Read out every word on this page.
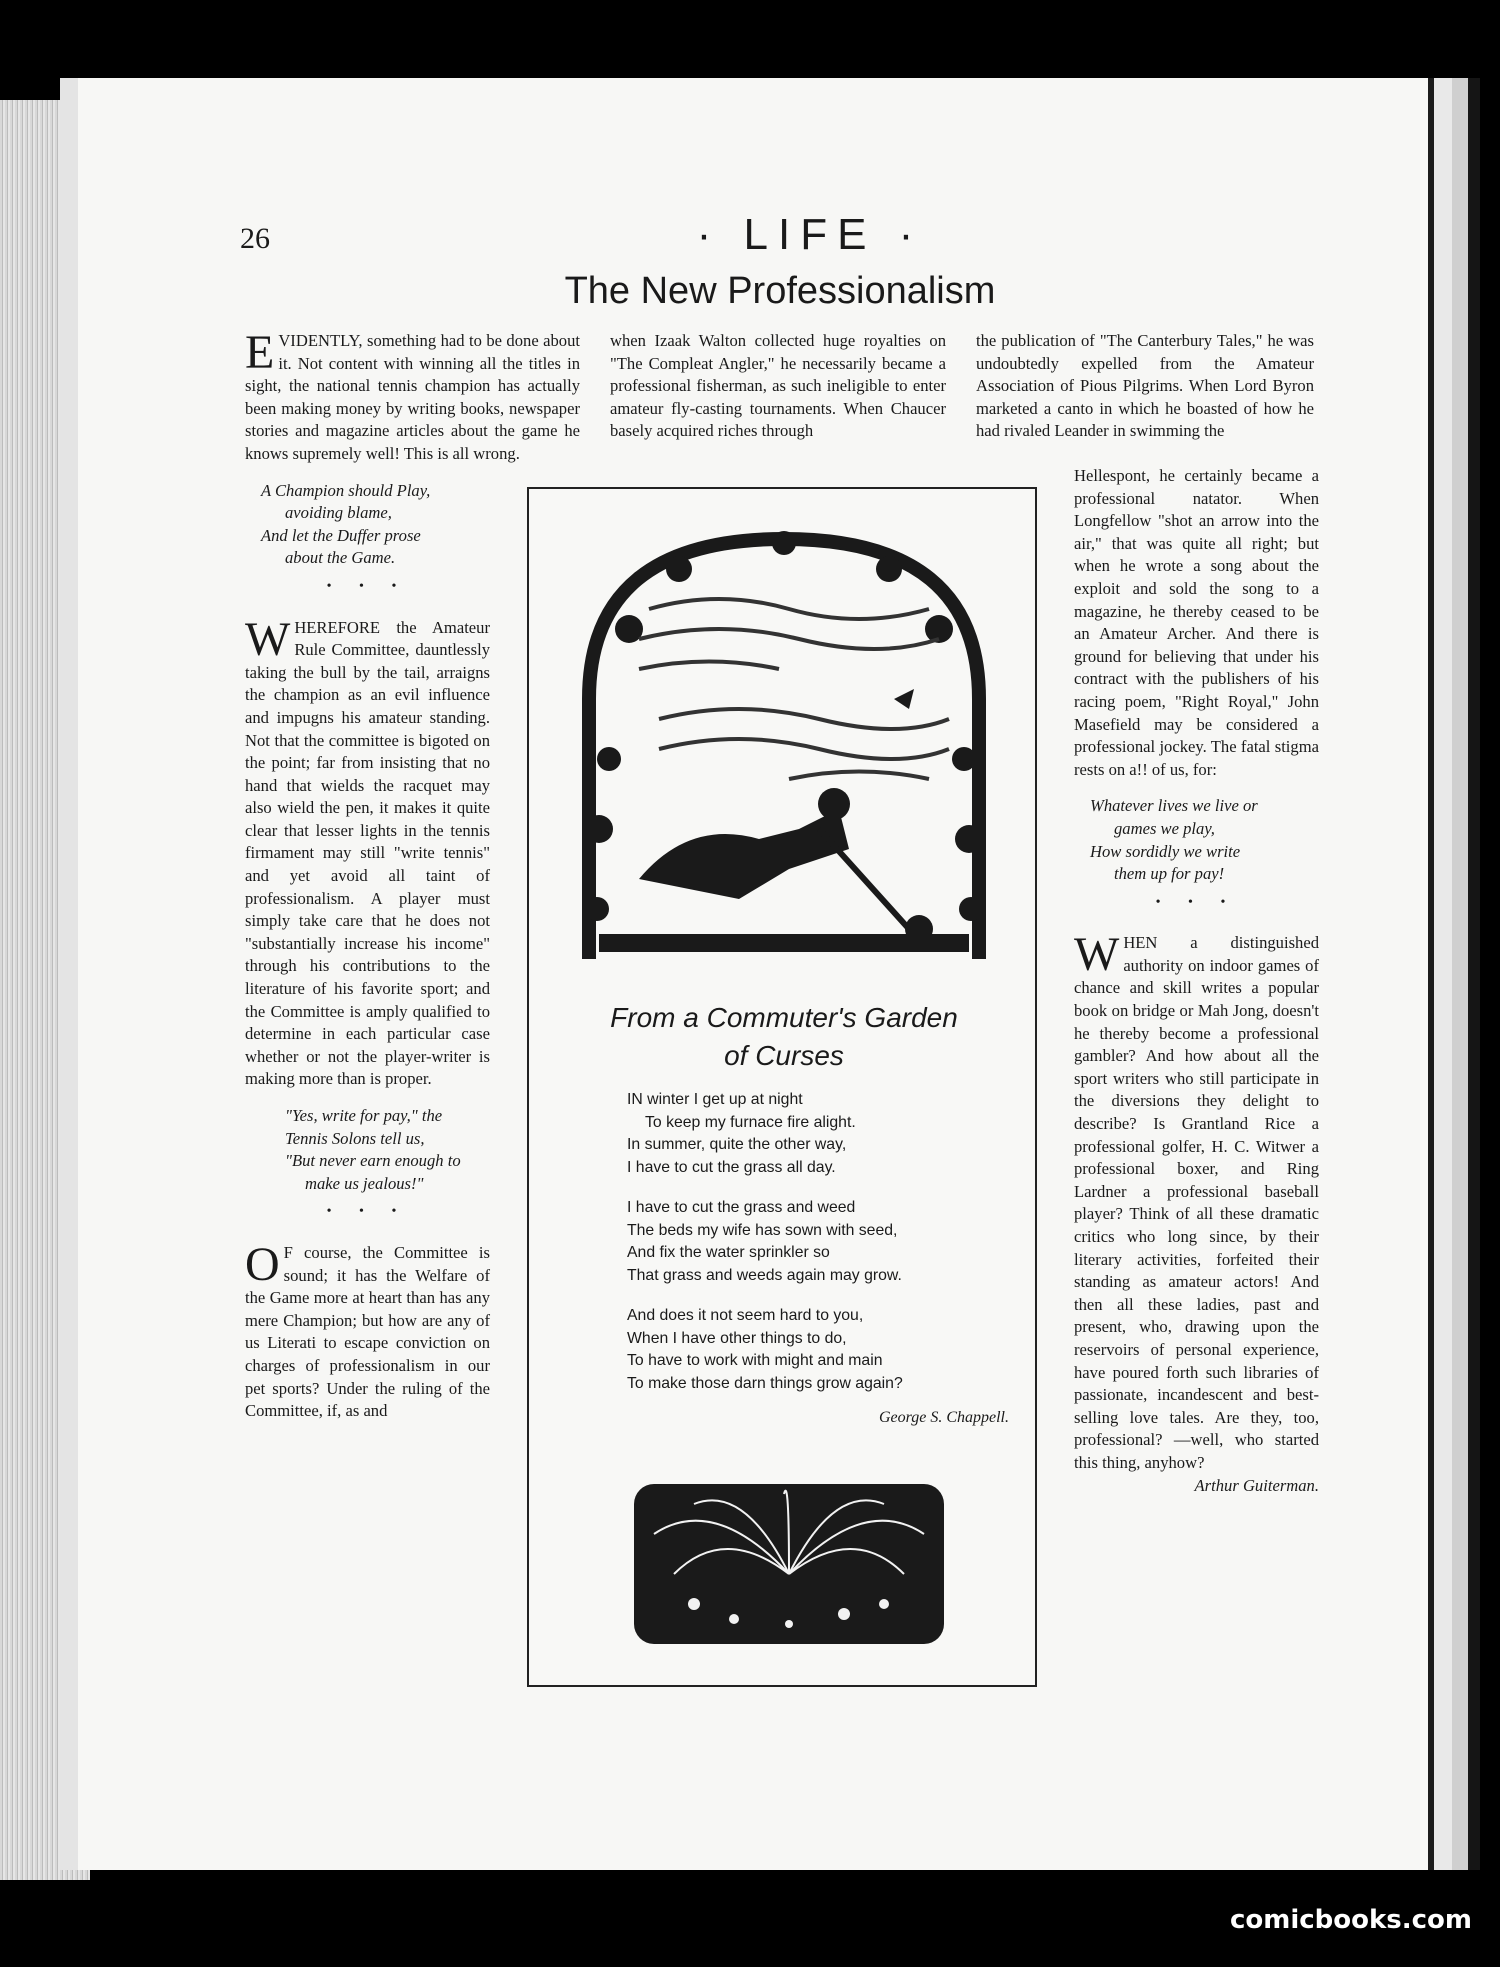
26	· LIFE ·
The New Professionalism

EVIDENTLY, something had to be done about it. Not content with winning all the titles in sight, the national tennis champion has actually been making money by writing books, newspaper stories and magazine articles about the game he knows supremely well! This is all wrong.

A Champion should Play,
avoiding blame,
And let the Duffer prose
about the Game.
• • •

WHEREFORE the Amateur Rule Committee, dauntlessly taking the bull by the tail, arraigns the champion as an evil influence and impugns his amateur standing. Not that the committee is bigoted on the point; far from insisting that no hand that wields the racquet may also wield the pen, it makes it quite clear that lesser lights in the tennis firmament may still "write tennis" and yet avoid all taint of professionalism. A player must simply take care that he does not "substantially increase his income" through his contributions to the literature of his favorite sport; and the Committee is amply qualified to determine in each particular case whether or not the player-writer is making more than is proper.

"Yes, write for pay," the
Tennis Solons tell us,
"But never earn enough to
make us jealous!"
• • •

O F course, the Committee is sound; it has the Welfare of the Game more at heart than has any mere Champion; but how are any of us Literati to escape conviction on charges of professionalism in our pet sports? Under the ruling of the Committee, if, as and

when Izaak Walton collected huge royalties on "The Compleat Angler," he necessarily became a professional fisherman, as such ineligible to enter amateur fly-casting tournaments. When Chaucer basely acquired riches through

the publication of "The Canterbury Tales," he was undoubtedly expelled from the Amateur Association of Pious Pilgrims. When Lord Byron marketed a canto in which he boasted of how he had rivaled Leander in swimming the

Hellespont, he certainly became a professional natator. When Longfellow "shot an arrow into the air," that was quite all right; but when he wrote a song about the exploit and sold the song to a magazine, he thereby ceased to be an Amateur Archer. And there is ground for believing that under his contract with the publishers of his racing poem, "Right Royal," John Masefield may be considered a professional jockey. The fatal stigma rests on a!! of us, for:

Whatever lives we live or
games we play,
How sordidly we write
them up for pay!
• • •

WHEN a distinguished authority on indoor games of chance and skill writes a popular book on bridge or Mah Jong, doesn't he thereby become a professional gambler? And how about all the sport writers who still participate in the diversions they delight to describe? Is Grantland Rice a professional golfer, H. C. Witwer a professional boxer, and Ring Lardner a professional baseball player? Think of all these dramatic critics who long since, by their literary activities, forfeited their standing as amateur actors! And then all these ladies, past and present, who, drawing upon the reservoirs of personal experience, have poured forth such libraries of passionate, incandescent and best-selling love tales. Are they, too, professional? —well, who started this thing, anyhow?

Arthur Guiterman.
From a Commuter's Garden
of Curses
IN winter I get up at night
To keep my furnace fire alight.
In summer, quite the other way,
I have to cut the grass all day.
I have to cut the grass and weed
The beds my wife has sown with seed,
And fix the water sprinkler so
That grass and weeds again may grow.
And does it not seem hard to you,
When I have other things to do,
To have to work with might and main
To make those darn things grow again?
George S. Chappell.
comicbooks.com
